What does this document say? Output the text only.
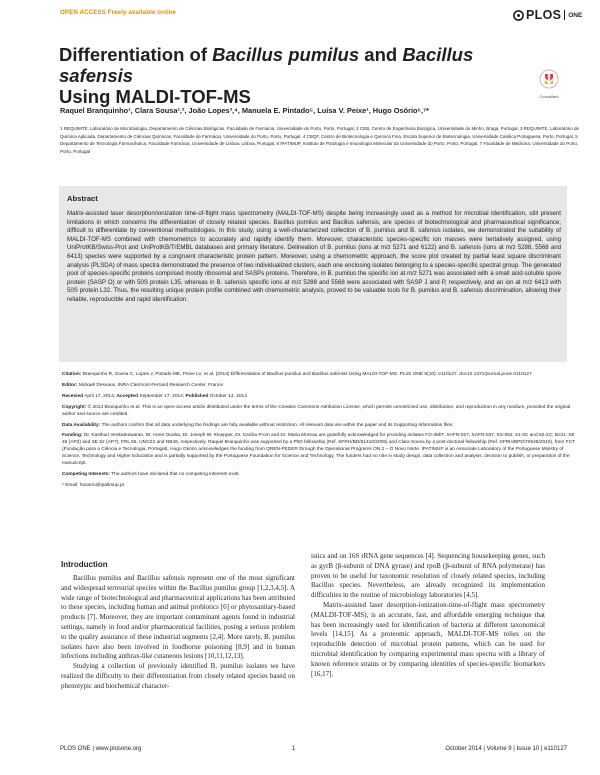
OPEN ACCESS Freely available online	PLOS ONE
Differentiation of Bacillus pumilus and Bacillus safensis
Using MALDI-TOF-MS	CrossMark
Raquel Branquinho¹, Clara Sousa¹,², João Lopes³,⁴, Manuela E. Pintado⁵, Luísa V. Peixe¹, Hugo Osório⁶,⁷*
1 REQUIMTE, Laboratório de Microbiologia, Departamento de Ciências Biológicas, Faculdade de Farmácia, Universidade do Porto, Porto, Portugal, 2 CEB, Centro de Engenharia Biológica, Universidade do Minho, Braga, Portugal, 3 REQUIMTE, Laboratório de Química Aplicada, Departamento de Ciências Químicas, Faculdade de Farmácia, Universidade do Porto, Porto, Portugal, 4 CBQF, Centro de Biotecnologia e Química Fina, Escola Superior de Biotecnologia, Universidade Católica Portuguesa, Porto, Portugal, 5 Departamento de Tecnologia Farmacêutica, Faculdade Farmácia, Universidade de Lisboa, Lisboa, Portugal, 6 IPATIMUP, Instituto de Patologia e Imunologia Molecular da Universidade do Porto, Porto, Portugal, 7 Faculdade de Medicina, Universidade do Porto, Porto, Portugal
Abstract
Matrix-assisted laser desorption/ionization time-of-flight mass spectrometry (MALDI-TOF-MS) despite being increasingly used as a method for microbial identification, still present limitations in which concerns the differentiation of closely related species. Bacillus pumilus and Bacillus safensis, are species of biotechnological and pharmaceutical significance, difficult to differentiate by conventional methodologies. In this study, using a well-characterized collection of B. pumilus and B. safensis isolates, we demonstrated the suitability of MALDI-TOF-MS combined with chemometrics to accurately and rapidly identify them. Moreover, characteristic species-specific ion masses were tentatively assigned, using UniProtKB/Swiss-Prot and UniProtKB/TrEMBL databases and primary literature. Delineation of B. pumilus (ions at m/z 5271 and 6122) and B. safensis (ions at m/z 5288, 5568 and 6413) species were supported by a congruent characteristic protein pattern. Moreover, using a chemometric approach, the score plot created by partial least square discriminant analysis (PLSDA) of mass spectra demonstrated the presence of two individualized clusters, each one enclosing isolates belonging to a species-specific spectral group. The generated pool of species-specific proteins comprised mostly ribosomal and SASPs proteins. Therefore, in B. pumilus the specific ion at m/z 5271 was associated with a small acid-soluble spore protein (SASP O) or with 50S protein L35, whereas in B. safensis specific ions at m/z 5288 and 5568 were associated with SASP J and P, respectively, and an ion at m/z 6413 with 50S protein L32. Thus, the resulting unique protein profile combined with chemometric analysis, proved to be valuable tools for B. pumilus and B. safensis discrimination, allowing their reliable, reproducible and rapid identification.
Citation: Branquinho R, Sousa C, Lopes J, Pintado ME, Peixe LV, et al. (2014) Differentiation of Bacillus pumilus and Bacillus safensis Using MALDI-TOF-MS. PLoS ONE 9(10): e110127. doi:10.1371/journal.pone.0110127
Editor: Mickaël Desvaux, INRA Clermont-Ferrand Research Center, France
Received April 17, 2014; Accepted September 17, 2014; Published October 14, 2014
Copyright: © 2014 Branquinho et al. This is an open-access article distributed under the terms of the Creative Commons Attribution License, which permits unrestricted use, distribution, and reproduction in any medium, provided the original author and source are credited.
Data Availability: The authors confirm that all data underlying the findings are fully available without restriction. All relevant data are within the paper and its Supporting Information files.
Funding: Dr. Kasthuri Venkateswaran, Dr. Irene Ouoba, Dr. Joseph W. Kloepper, Dr. Cecilia From and Dr. Maria Moreau are gratefully acknowledged for providing isolates FO-36bT, SAFN-027, SAFN-037, KS-052, 51-3C and 82-2C; Bc31; SE 49 (AP3) and SE 52 (AP7); FRL 55, UNG22 and NB46, respectively. Raquel Branquinho was supported by a PhD fellowship (Ref. SFRH/BD/61410/2009) and Clara Sousa by a post-doctoral fellowship (Ref. SFRH/BPD/70548/2010), from FCT (Fundação para a Ciência e Tecnologia, Portugal). Hugo Osório acknowledges the funding from QREN-FEDER through the Operational Programs ON.2 – O Novo Norte. IPATIMUP is an Associate Laboratory of the Portuguese Ministry of Science, Technology and Higher Education and is partially supported by the Portuguese Foundation for Science and Technology. The funders had no role in study design, data collection and analysis, decision to publish, or preparation of the manuscript.
Competing Interests: The authors have declared that no competing interests exist.
* Email: hosorio@ipatimup.pt
Introduction

Bacillus pumilus and Bacillus safensis represent one of the most significant and widespread terrestrial species within the Bacillus pumilus group [1,2,3,4,5]. A wide range of biotechnological and pharmaceutical applications has been attributed to these species, including human and animal probiotics [6] or phytosanitary-based products [7]. Moreover, they are important contaminant agents found in industrial settings, namely in food and/or pharmaceutical facilities, posing a serious problem to the quality assurance of these industrial segments [2,4]. More rarely, B. pumilus isolates have also been involved in foodborne poisoning [8,9] and in human infections including anthrax-like cutaneous lesions [10,11,12,13].

Studying a collection of previously identified B. pumilus isolates we have realized the difficulty to their differentiation from closely related species based on phenotypic and biochemical character-

istics and on 16S rRNA gene sequences [4]. Sequencing housekeeping genes, such as gyrB (β-subunit of DNA gyrase) and rpoB (β-subunit of RNA polymerase) has proven to be useful for taxonomic resolution of closely related species, including Bacillus species. Nevertheless, are already recognized its implementation difficulties in the routine of microbiology laboratories [4,5].

Matrix-assisted laser desorption-ionization-time-of-flight mass spectrometry (MALDI-TOF-MS), is an accurate, fast, and affordable emerging technique that has been increasingly used for identification of bacteria at different taxonomical levels [14,15]. As a proteomic approach, MALDI-TOF-MS relies on the reproducible detection of microbial protein patterns, which can be used for microbial identification by comparing experimental mass spectra with a library of known reference strains or by comparing identities of species-specific biomarkers [16,17].

PLOS ONE | www.plosone.org	1	October 2014 | Volume 9 | Issue 10 | e110127
